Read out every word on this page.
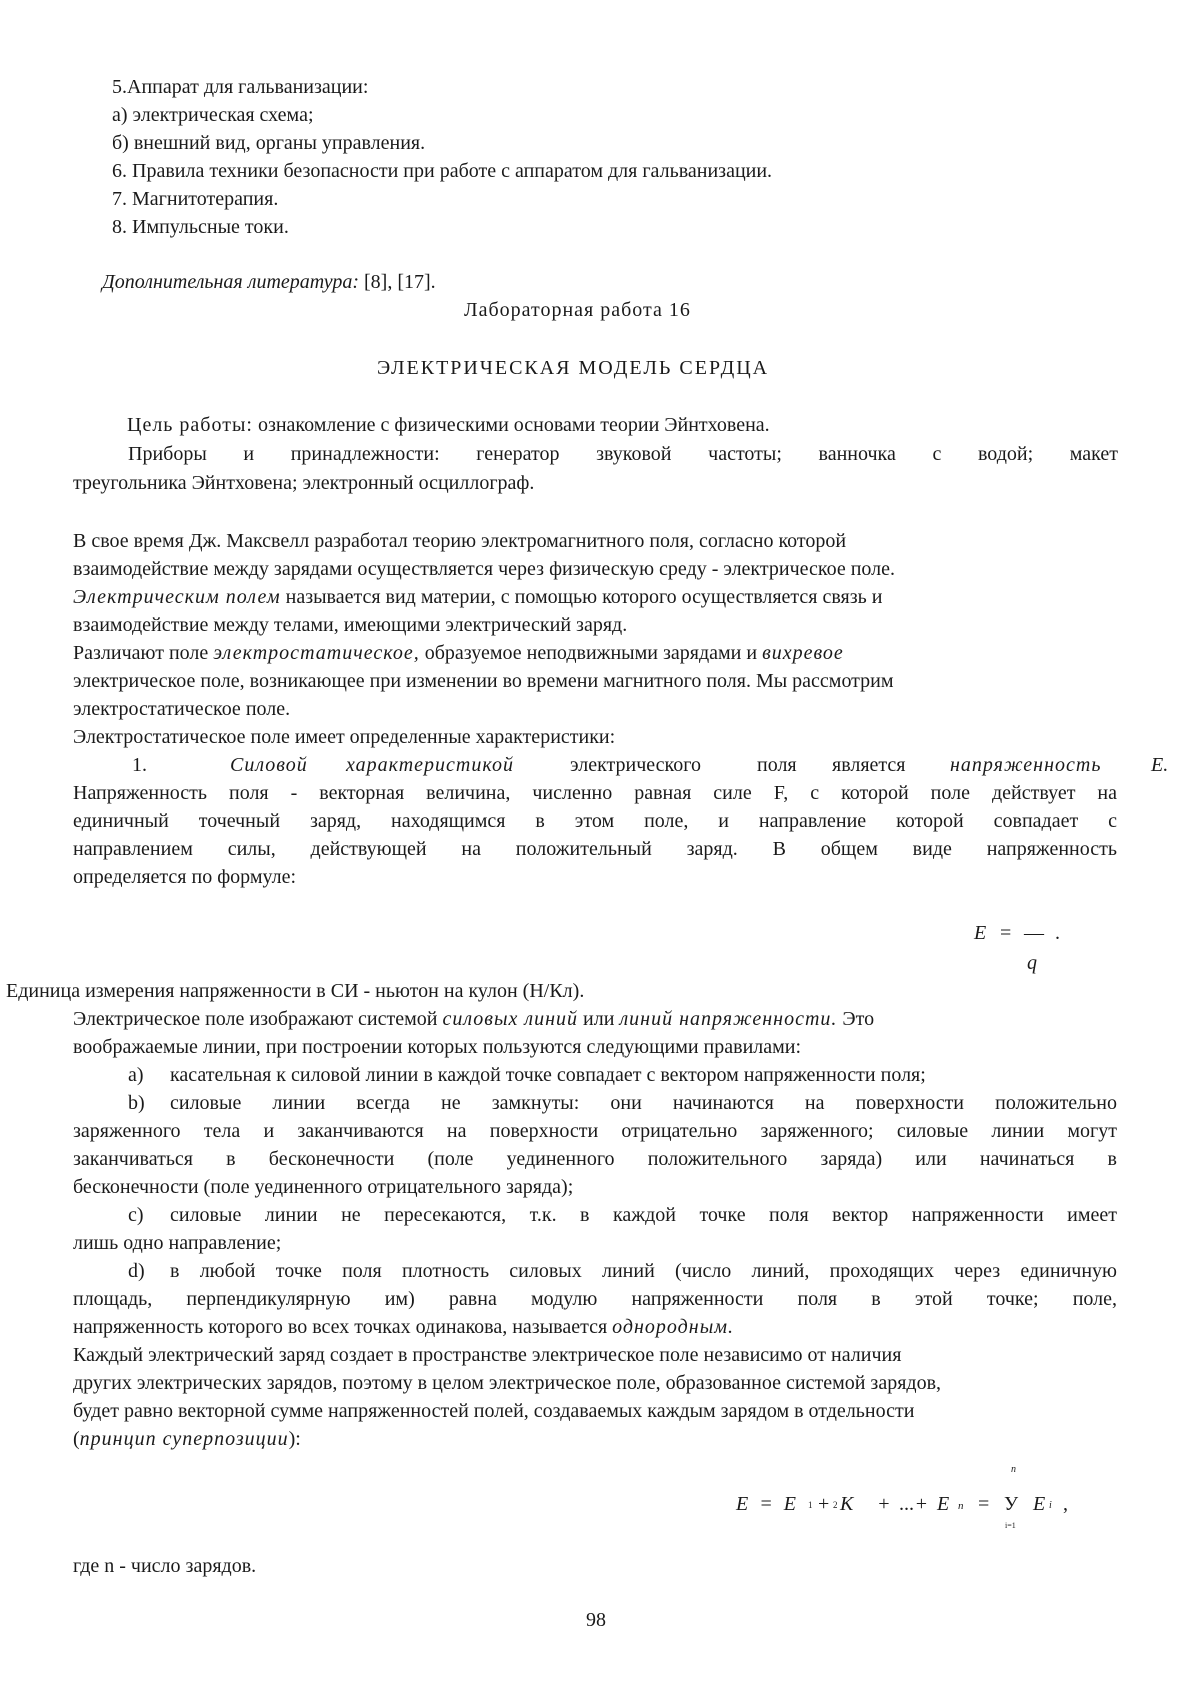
5.Аппарат для гальванизации:
а) электрическая схема;
б) внешний вид, органы управления.
6. Правила техники безопасности при работе с аппаратом для гальванизации.
7. Магнитотерапия.
8. Импульсные токи.
Дополнительная литература: [8], [17].
Лабораторная работа 16
ЭЛЕКТРИЧЕСКАЯ МОДЕЛЬ СЕРДЦА
Цель работы: ознакомление с физическими основами теории Эйнтховена.
Приборы и принадлежности: генератор звуковой частоты; ванночка с водой; макет
треугольника Эйнтховена; электронный осциллограф.
В свое время Дж. Максвелл разработал теорию электромагнитного поля, согласно которой
взаимодействие между зарядами осуществляется через физическую среду - электрическое поле.
Электрическим полем называется вид материи, с помощью которого осуществляется связь и
взаимодействие между телами, имеющими электрический заряд.
Различают поле электростатическое, образуемое неподвижными зарядами и вихревое
электрическое поле, возникающее при изменении во времени магнитного поля. Мы рассмотрим
электростатическое поле.
Электростатическое поле имеет определенные характеристики:
1.	Силовой характеристикой	электрического	поля является напряженность E.
Напряженность поля - векторная величина, численно равная силе F, с которой поле действует на
единичный точечный заряд, находящимся в этом поле, и направление которой совпадает с
направлением силы, действующей на положительный заряд. В общем виде напряженность
определяется по формуле:
E = — .
q
Единица измерения напряженности в СИ - ньютон на кулон (Н/Кл).
Электрическое поле изображают системой силовых линий или линий напряженности. Это
воображаемые линии, при построении которых пользуются следующими правилами:
a) касательная к силовой линии в каждой точке совпадает с вектором напряженности поля;
b) силовые линии всегда не замкнуты: они начинаются на поверхности положительно
заряженного тела и заканчиваются на поверхности отрицательно заряженного; силовые линии могут
заканчиваться в бесконечности (поле уединенного положительного заряда) или начинаться в
бесконечности (поле уединенного отрицательного заряда);
c) силовые линии не пересекаются, т.к. в каждой точке поля вектор напряженности имеет
лишь одно направление;
d) в любой точке поля плотность силовых линий (число линий, проходящих через единичную
площадь, перпендикулярную им) равна модулю напряженности поля в этой точке; поле,
напряженность которого во всех точках одинакова, называется однородным.
Каждый электрический заряд создает в пространстве электрическое поле независимо от наличия
других электрических зарядов, поэтому в целом электрическое поле, образованное системой зарядов,
будет равно векторной сумме напряженностей полей, создаваемых каждым зарядом в отдельности
(принцип суперпозиции):
E = E 1 + 2 K + ...+ E n =
n
У
i=1
E i ,
где n - число зарядов.
98
